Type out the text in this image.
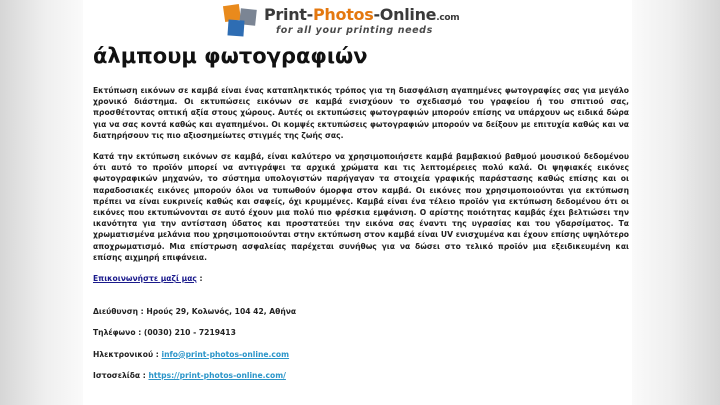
Print-Photos-Online.com
for all your printing needs
άλμπουμ φωτογραφιών

Εκτύπωση εικόνων σε καμβά είναι ένας καταπληκτικός τρόπος για τη διασφάλιση αγαπημένες φωτογραφίες σας για μεγάλο χρονικό διάστημα. Οι εκτυπώσεις εικόνων σε καμβά ενισχύουν το σχεδιασμό του γραφείου ή του σπιτιού σας, προσθέτοντας οπτική αξία στους χώρους. Αυτές οι εκτυπώσεις φωτογραφιών μπορούν επίσης να υπάρχουν ως ειδικά δώρα για να σας κοντά καθώς και αγαπημένοι. Οι κομψές εκτυπώσεις φωτογραφιών μπορούν να δείξουν με επιτυχία καθώς και να διατηρήσουν τις πιο αξιοσημείωτες στιγμές της ζωής σας.

Κατά την εκτύπωση εικόνων σε καμβά, είναι καλύτερο να χρησιμοποιήσετε καμβά βαμβακιού βαθμού μουσικού δεδομένου ότι αυτό το προϊόν μπορεί να αντιγράψει τα αρχικά χρώματα και τις λεπτομέρειες πολύ καλά. Οι ψηφιακές εικόνες φωτογραφικών μηχανών, το σύστημα υπολογιστών παρήγαγαν τα στοιχεία γραφικής παράστασης καθώς επίσης και οι παραδοσιακές εικόνες μπορούν όλοι να τυπωθούν όμορφα στον καμβά. Οι εικόνες που χρησιμοποιούνται για εκτύπωση πρέπει να είναι ευκρινείς καθώς και σαφείς, όχι κρυμμένες. Καμβά είναι ένα τέλειο προϊόν για εκτύπωση δεδομένου ότι οι εικόνες που εκτυπώνονται σε αυτό έχουν μια πολύ πιο φρέσκια εμφάνιση. Ο αρίστης ποιότητας καμβάς έχει βελτιώσει την ικανότητα για την αντίσταση ύδατος και προστατεύει την εικόνα σας έναντι της υγρασίας και του γδαρσίματος. Τα χρωματισμένα μελάνια που χρησιμοποιούνται στην εκτύπωση στον καμβά είναι UV ενισχυμένα και έχουν επίσης υψηλότερο αποχρωματισμό. Μια επίστρωση ασφαλείας παρέχεται συνήθως για να δώσει στο τελικό προϊόν μια εξειδικευμένη και επίσης αιχμηρή επιφάνεια.

Επικοινωνήστε μαζί μας :

Διεύθυνση : Ηρούς 29, Κολωνός, 104 42, Αθήνα

Τηλέφωνο : (0030) 210 - 7219413

Ηλεκτρονικού : info@print-photos-online.com

Ιστοσελίδα : https://print-photos-online.com/
